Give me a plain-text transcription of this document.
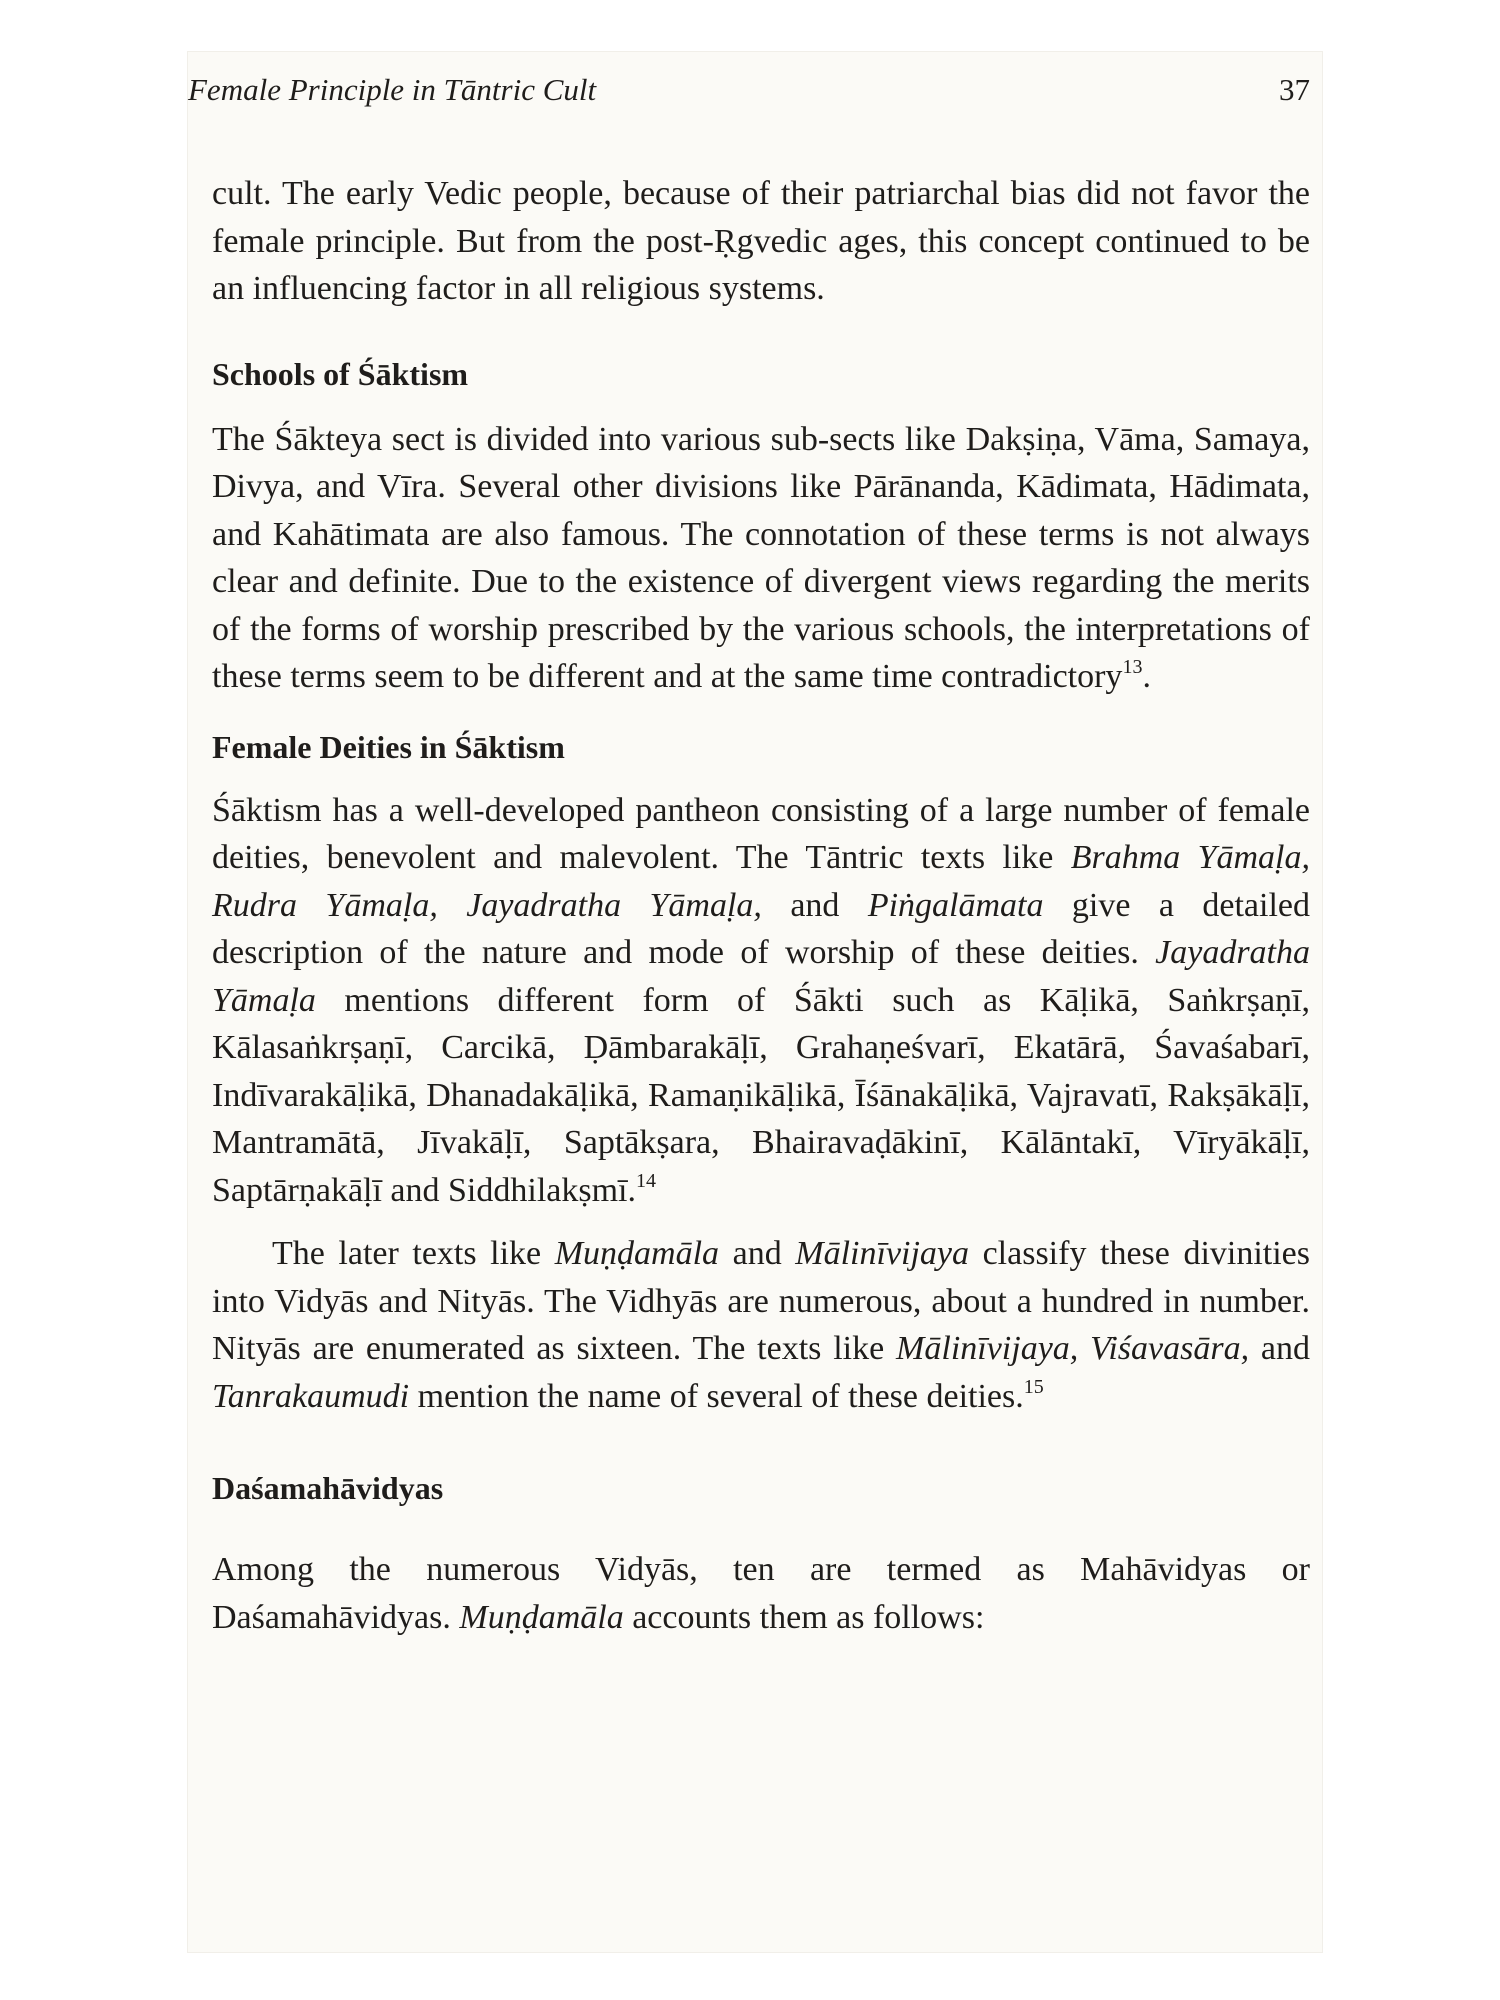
Female Principle in Tāntric Cult	37

cult. The early Vedic people, because of their patriarchal bias did not favor the female principle. But from the post-Ṛgvedic ages, this concept continued to be an influencing factor in all religious systems.

Schools of Śāktism

The Śākteya sect is divided into various sub-sects like Dakṣiṇa, Vāma, Samaya, Divya, and Vīra. Several other divisions like Pārānanda, Kādimata, Hādimata, and Kahātimata are also famous. The connotation of these terms is not always clear and definite. Due to the existence of divergent views regarding the merits of the forms of worship prescribed by the various schools, the interpretations of these terms seem to be different and at the same time contradictory$^{13}$.

Female Deities in Śāktism

Śāktism has a well-developed pantheon consisting of a large number of female deities, benevolent and malevolent. The Tāntric texts like Brahma Yāmaḷa, Rudra Yāmaḷa, Jayadratha Yāmaḷa, and Piṅgalāmata give a detailed description of the nature and mode of worship of these deities. Jayadratha Yāmaḷa mentions different form of Śākti such as Kāḷikā, Saṅkrṣaṇī, Kālasaṅkrṣaṇī, Carcikā, Ḍāmbarakāḷī, Grahaṇeśvarī, Ekatārā, Śavaśabarī, Indīvarakāḷikā, Dhanadakāḷikā, Ramaṇikāḷikā, Īśānakāḷikā, Vajravatī, Rakṣākāḷī, Mantramātā, Jīvakāḷī, Saptākṣara, Bhairavaḍākinī, Kālāntakī, Vīryākāḷī, Saptārṇakāḷī and Siddhilakṣmī.$^{14}$

The later texts like Muṇḍamāla and Mālinīvijaya classify these divinities into Vidyās and Nityās. The Vidhyās are numerous, about a hundred in number. Nityās are enumerated as sixteen. The texts like Mālinīvijaya, Viśavasāra, and Tanrakaumudi mention the name of several of these deities.$^{15}$

Daśamahāvidyas

Among the numerous Vidyās, ten are termed as Mahāvidyas or Daśamahāvidyas. Muṇḍamāla accounts them as follows:
